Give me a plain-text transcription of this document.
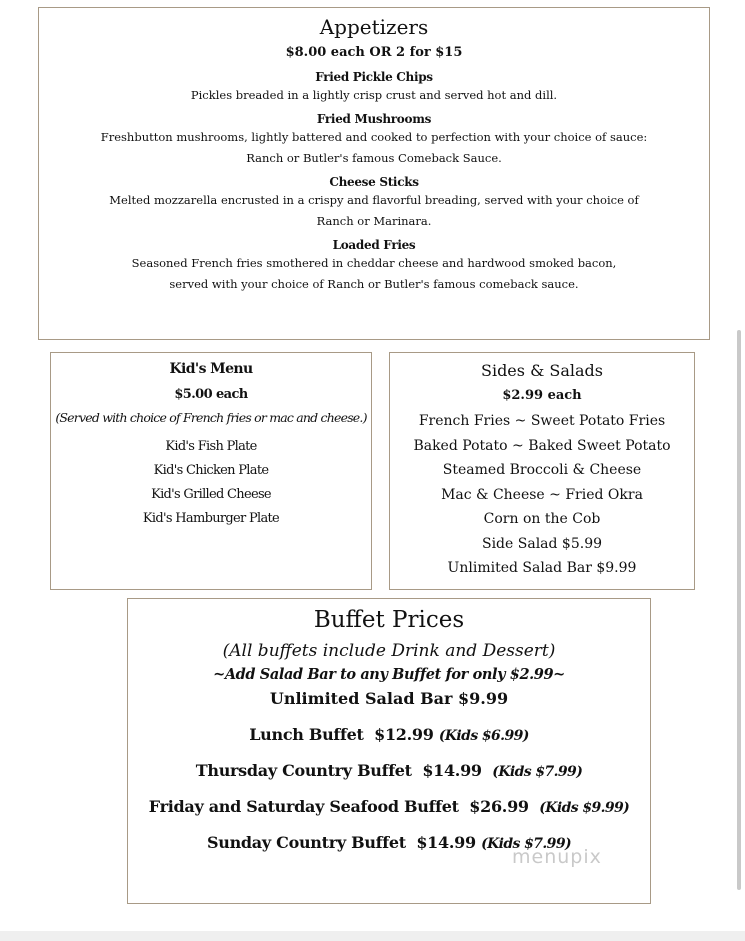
Appetizers
$8.00 each OR 2 for $15
Fried Pickle Chips
Pickles breaded in a lightly crisp crust and served hot and dill.
Fried Mushrooms
Freshbutton mushrooms, lightly battered and cooked to perfection with your choice of sauce:
Ranch or Butler's famous Comeback Sauce.
Cheese Sticks
Melted mozzarella encrusted in a crispy and flavorful breading, served with your choice of
Ranch or Marinara.
Loaded Fries
Seasoned French fries smothered in cheddar cheese and hardwood smoked bacon,
served with your choice of Ranch or Butler's famous comeback sauce.
Kid's Menu
$5.00 each
(Served with choice of French fries or mac and cheese.)
Kid's Fish Plate
Kid's Chicken Plate
Kid's Grilled Cheese
Kid's Hamburger Plate
Sides & Salads
$2.99 each
French Fries ~ Sweet Potato Fries
Baked Potato ~ Baked Sweet Potato
Steamed Broccoli & Cheese
Mac & Cheese ~ Fried Okra
Corn on the Cob
Side Salad $5.99
Unlimited Salad Bar $9.99
Buffet Prices
(All buffets include Drink and Dessert)
~Add Salad Bar to any Buffet for only $2.99~
Unlimited Salad Bar $9.99
Lunch Buffet $12.99 (Kids $6.99)
Thursday Country Buffet $14.99 (Kids $7.99)
Friday and Saturday Seafood Buffet $26.99 (Kids $9.99)
Sunday Country Buffet $14.99 (Kids $7.99)
menupix
